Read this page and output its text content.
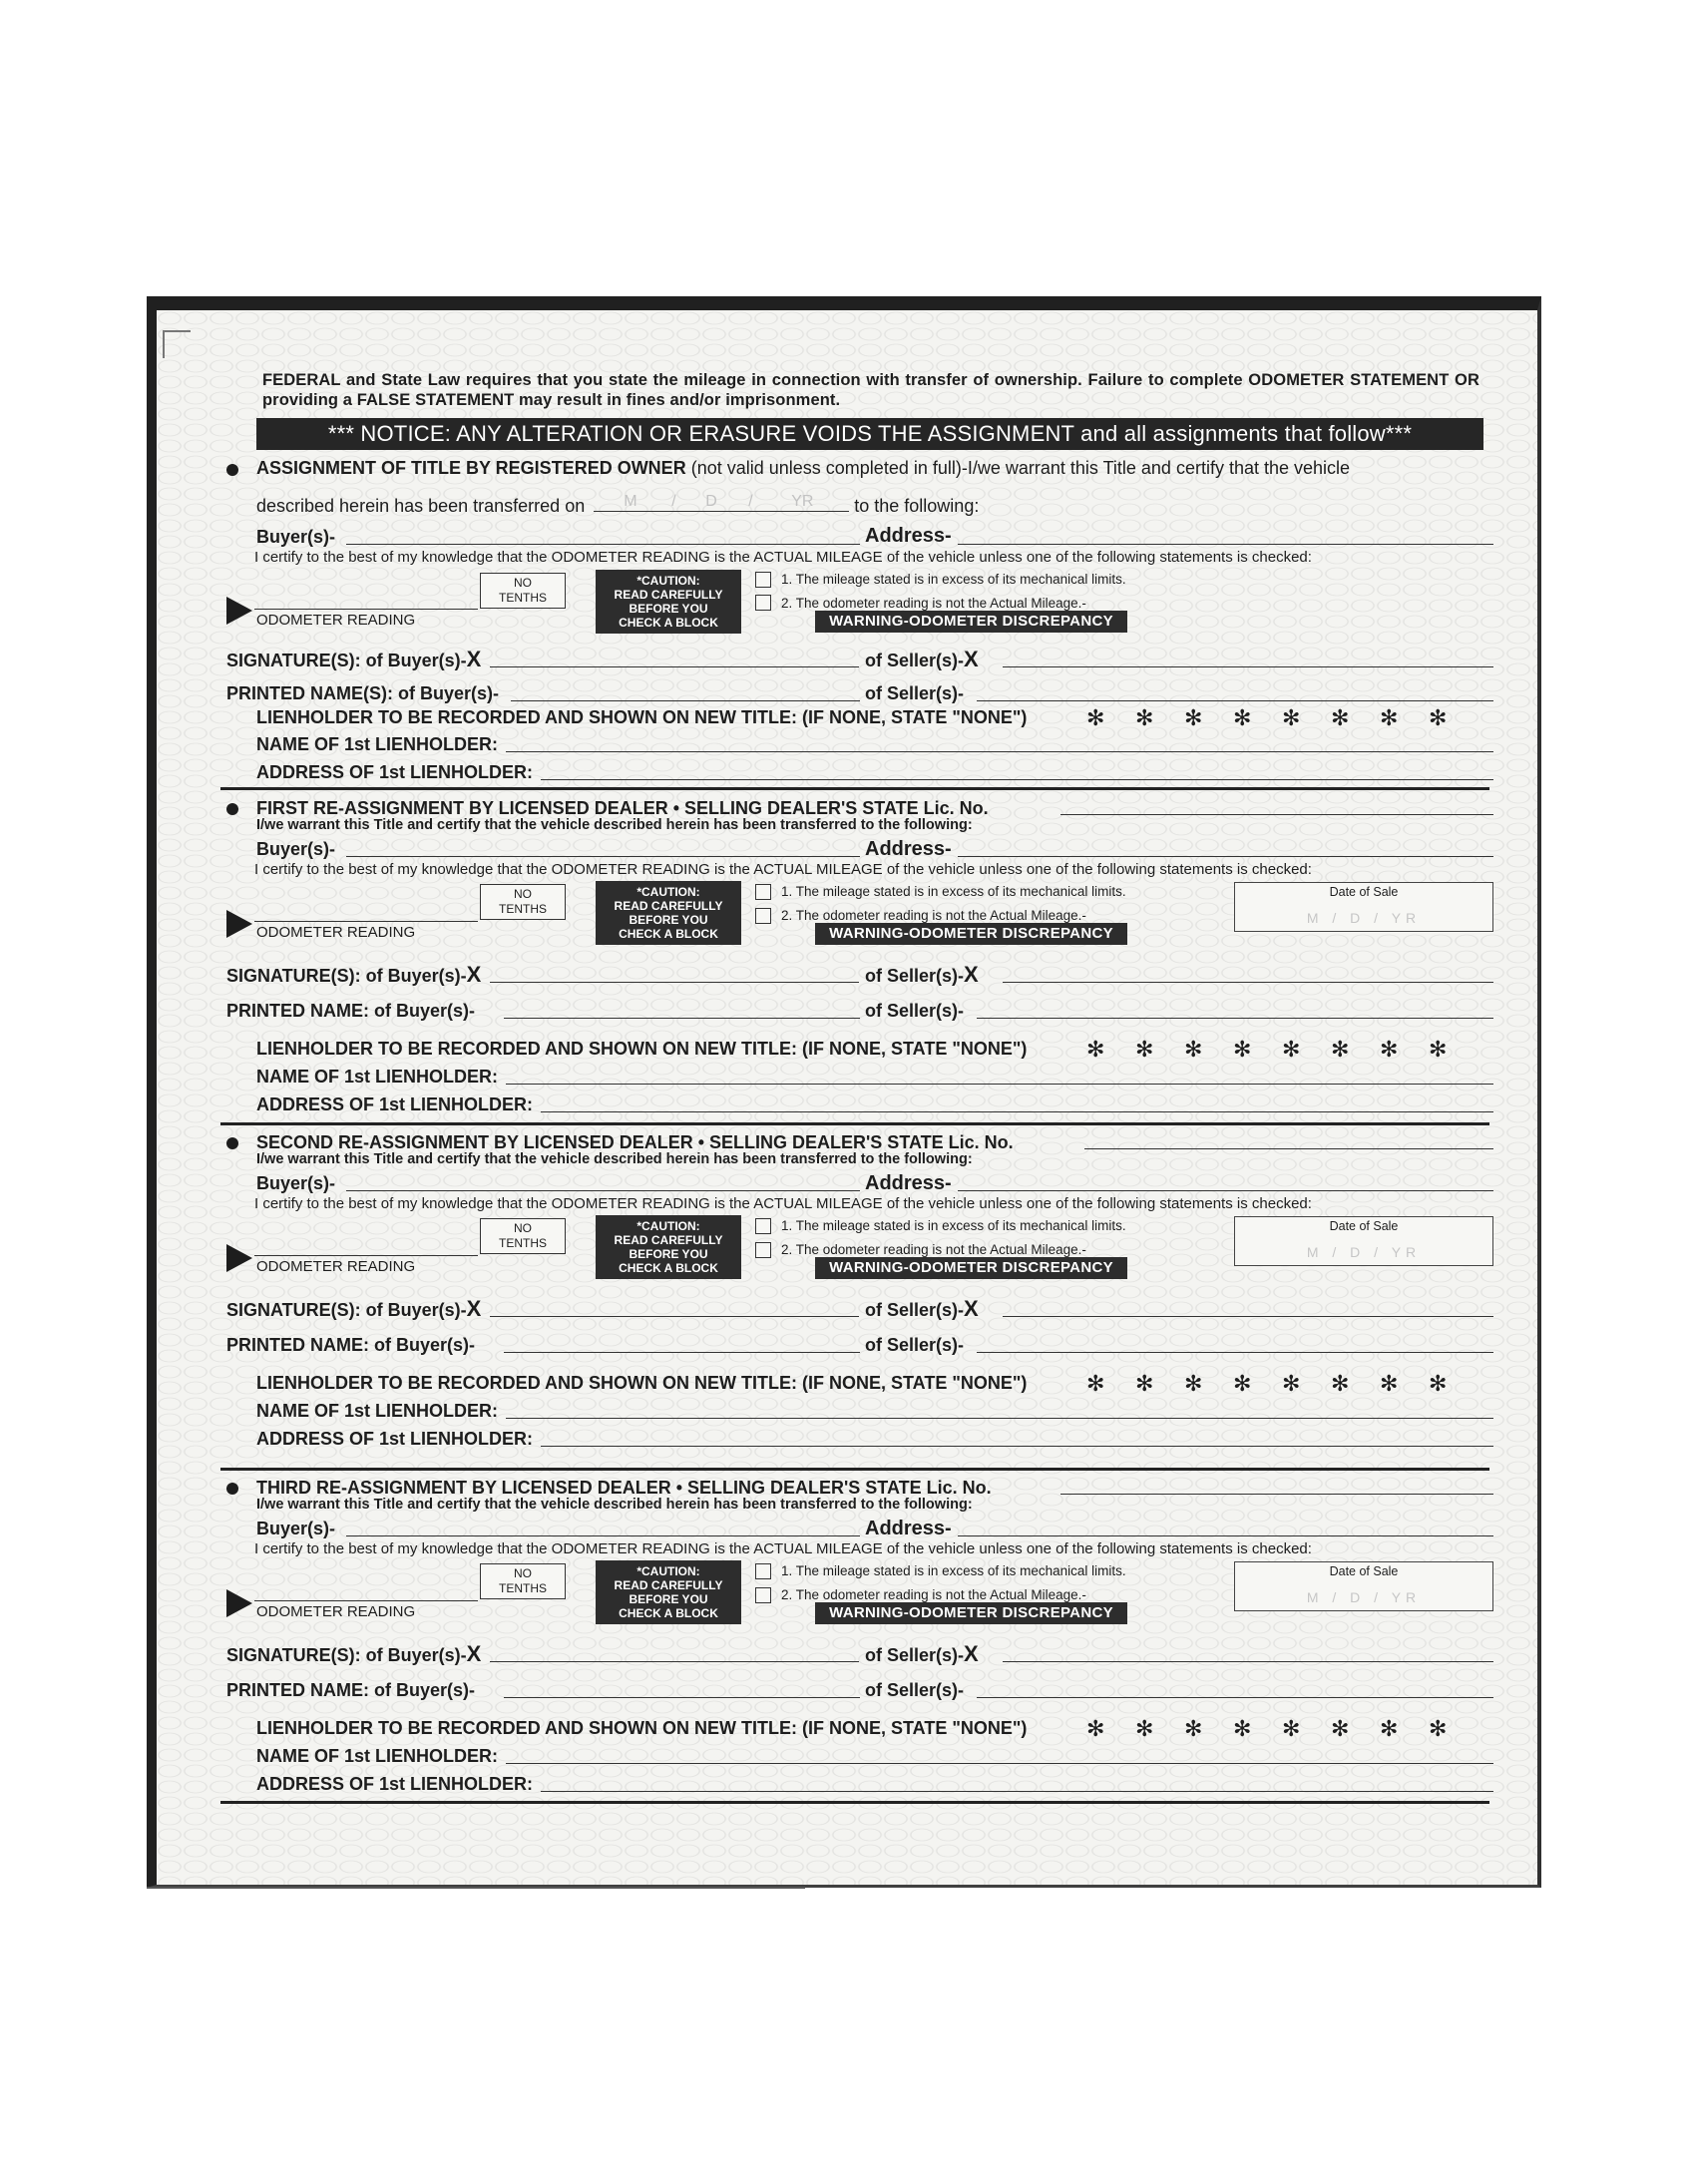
FEDERAL and State Law requires that you state the mileage in connection with transfer of ownership. Failure to complete ODOMETER STATEMENT OR providing a FALSE STATEMENT may result in fines and/or imprisonment.
*** NOTICE: ANY ALTERATION OR ERASURE VOIDS THE ASSIGNMENT and all assignments that follow***
ASSIGNMENT OF TITLE BY REGISTERED OWNER (not valid unless completed in full)-I/we warrant this Title and certify that the vehicle
described herein has been transferred on M / D / YR to the following:
Buyer(s)-	Address-
I certify to the best of my knowledge that the ODOMETER READING is the ACTUAL MILEAGE of the vehicle unless one of the following statements is checked:
NO
TENTHS
*CAUTION:
READ CAREFULLY
BEFORE YOU
CHECK A BLOCK
1. The mileage stated is in excess of its mechanical limits.
2. The odometer reading is not the Actual Mileage.-
WARNING-ODOMETER DISCREPANCY
ODOMETER READING
SIGNATURE(S): of Buyer(s)-X	of Seller(s)-X
PRINTED NAME(S): of Buyer(s)-	of Seller(s)-
LIENHOLDER TO BE RECORDED AND SHOWN ON NEW TITLE: (IF NONE, STATE "NONE")	✻ ✻ ✻ ✻ ✻ ✻ ✻ ✻
NAME OF 1st LIENHOLDER:
ADDRESS OF 1st LIENHOLDER:
FIRST RE-ASSIGNMENT BY LICENSED DEALER • SELLING DEALER'S STATE Lic. No.
I/we warrant this Title and certify that the vehicle described herein has been transferred to the following:
Buyer(s)-	Address-
I certify to the best of my knowledge that the ODOMETER READING is the ACTUAL MILEAGE of the vehicle unless one of the following statements is checked:
NO
TENTHS
*CAUTION:
READ CAREFULLY
BEFORE YOU
CHECK A BLOCK
1. The mileage stated is in excess of its mechanical limits.
2. The odometer reading is not the Actual Mileage.-
WARNING-ODOMETER DISCREPANCY
Date of Sale
M / D / YR
ODOMETER READING
SIGNATURE(S): of Buyer(s)-X	of Seller(s)-X
PRINTED NAME: of Buyer(s)-	of Seller(s)-
LIENHOLDER TO BE RECORDED AND SHOWN ON NEW TITLE: (IF NONE, STATE "NONE")	✻ ✻ ✻ ✻ ✻ ✻ ✻ ✻
NAME OF 1st LIENHOLDER:
ADDRESS OF 1st LIENHOLDER:
SECOND RE-ASSIGNMENT BY LICENSED DEALER • SELLING DEALER'S STATE Lic. No.
I/we warrant this Title and certify that the vehicle described herein has been transferred to the following:
Buyer(s)-	Address-
I certify to the best of my knowledge that the ODOMETER READING is the ACTUAL MILEAGE of the vehicle unless one of the following statements is checked:
NO
TENTHS
*CAUTION:
READ CAREFULLY
BEFORE YOU
CHECK A BLOCK
1. The mileage stated is in excess of its mechanical limits.
2. The odometer reading is not the Actual Mileage.-
WARNING-ODOMETER DISCREPANCY
Date of Sale
M / D / YR
ODOMETER READING
SIGNATURE(S): of Buyer(s)-X	of Seller(s)-X
PRINTED NAME: of Buyer(s)-	of Seller(s)-
LIENHOLDER TO BE RECORDED AND SHOWN ON NEW TITLE: (IF NONE, STATE "NONE")	✻ ✻ ✻ ✻ ✻ ✻ ✻ ✻
NAME OF 1st LIENHOLDER:
ADDRESS OF 1st LIENHOLDER:
THIRD RE-ASSIGNMENT BY LICENSED DEALER • SELLING DEALER'S STATE Lic. No.
I/we warrant this Title and certify that the vehicle described herein has been transferred to the following:
Buyer(s)-	Address-
I certify to the best of my knowledge that the ODOMETER READING is the ACTUAL MILEAGE of the vehicle unless one of the following statements is checked:
NO
TENTHS
*CAUTION:
READ CAREFULLY
BEFORE YOU
CHECK A BLOCK
1. The mileage stated is in excess of its mechanical limits.
2. The odometer reading is not the Actual Mileage.-
WARNING-ODOMETER DISCREPANCY
Date of Sale
M / D / YR
ODOMETER READING
SIGNATURE(S): of Buyer(s)-X	of Seller(s)-X
PRINTED NAME: of Buyer(s)-	of Seller(s)-
LIENHOLDER TO BE RECORDED AND SHOWN ON NEW TITLE: (IF NONE, STATE "NONE")	✻ ✻ ✻ ✻ ✻ ✻ ✻ ✻
NAME OF 1st LIENHOLDER:
ADDRESS OF 1st LIENHOLDER:
